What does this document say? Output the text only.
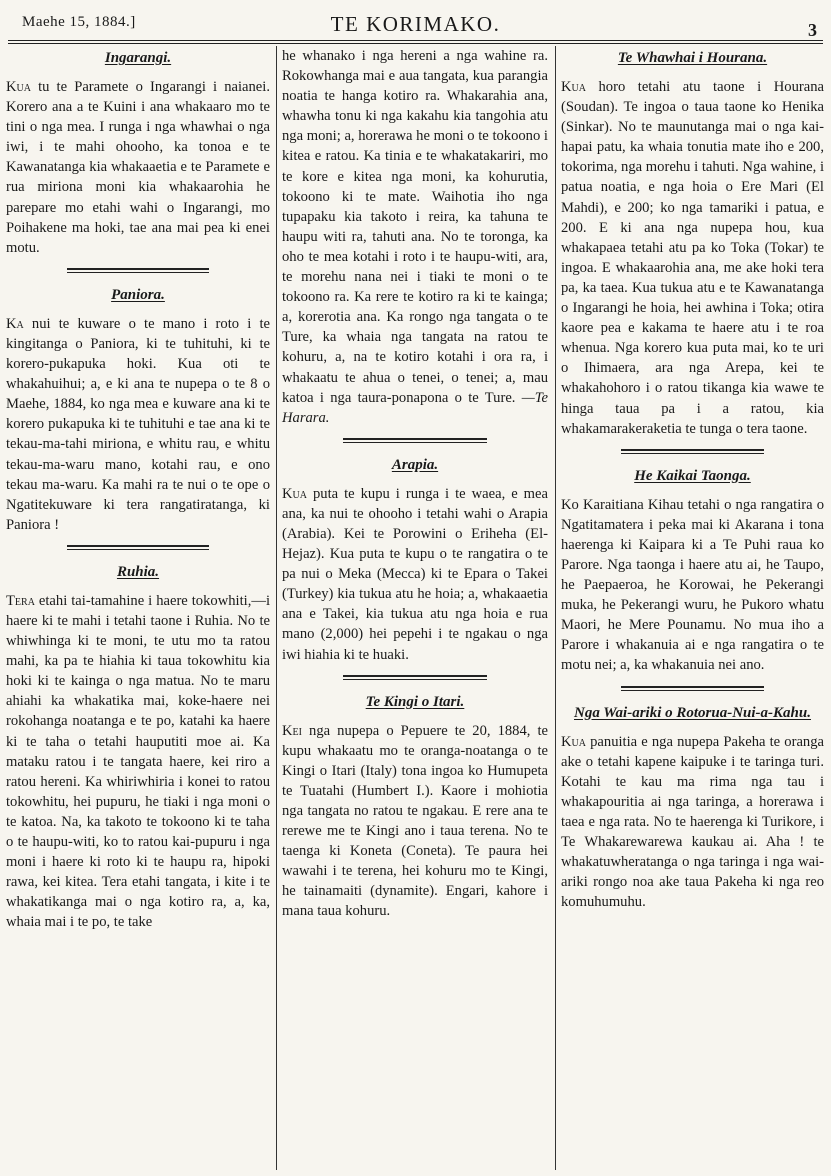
Maehe 15, 1884.]	TE KORIMAKO.	3
Ingarangi.

Kua tu te Paramete o Ingarangi i naianei. Korero ana a te Kuini i ana whakaaro mo te tini o nga mea. I runga i nga whawhai o nga iwi, i te mahi ohooho, ka tonoa e te Kawanatanga kia whakaaetia e te Paramete e rua miriona moni kia whakaarohia he parepare mo etahi wahi o Ingarangi, mo Poihakene ma hoki, tae ana mai pea ki enei motu.

Paniora.

Ka nui te kuware o te mano i roto i te kingitanga o Paniora, ki te tuhituhi, ki te korero-pukapuka hoki. Kua oti te whakahuihui; a, e ki ana te nupepa o te 8 o Maehe, 1884, ko nga mea e kuware ana ki te korero pukapuka ki te tuhituhi e tae ana ki te tekau-ma-tahi miriona, e whitu rau, e whitu tekau-ma-waru mano, kotahi rau, e ono tekau ma-waru. Ka mahi ra te nui o te ope o Ngatitekuware ki tera rangatiratanga, ki Paniora !

Ruhia.

Tera etahi tai-tamahine i haere tokowhiti,—i haere ki te mahi i tetahi taone i Ruhia. No te whiwhinga ki te moni, te utu mo ta ratou mahi, ka pa te hiahia ki taua tokowhitu kia hoki ki te kainga o nga matua. No te maru ahiahi ka whakatika mai, koke-haere nei rokohanga noatanga e te po, katahi ka haere ki te taha o tetahi hauputiti moe ai. Ka mataku ratou i te tangata haere, kei riro a ratou hereni. Ka whiriwhiria i konei to ratou tokowhitu, hei pupuru, he tiaki i nga moni o te katoa. Na, ka takoto te tokoono ki te taha o te haupu-witi, ko to ratou kai-pupuru i nga moni i haere ki roto ki te haupu ra, hipoki rawa, kei kitea. Tera etahi tangata, i kite i te whakatikanga mai o nga kotiro ra, a, ka, whaia mai i te po, te take

he whanako i nga hereni a nga wahine ra. Rokowhanga mai e aua tangata, kua parangia noatia te hanga kotiro ra. Whakarahia ana, whawha tonu ki nga kakahu kia tangohia atu nga moni; a, horerawa he moni o te tokoono i kitea e ratou. Ka tinia e te whakatakariri, mo te kore e kitea nga moni, ka kohurutia, tokoono ki te mate. Waihotia iho nga tupapaku kia takoto i reira, ka tahuna te haupu witi ra, tahuti ana. No te toronga, ka oho te mea kotahi i roto i te haupu-witi, ara, te morehu nana nei i tiaki te moni o te tokoono ra. Ka rere te kotiro ra ki te kainga; a, korerotia ana. Ka rongo nga tangata o te Ture, ka whaia nga tangata na ratou te kohuru, a, na te kotiro kotahi i ora ra, i whakaatu te ahua o tenei, o tenei; a, mau katoa i nga taura-ponapona o te Ture. —Te Harara.

Arapia.

Kua puta te kupu i runga i te waea, e mea ana, ka nui te ohooho i tetahi wahi o Arapia (Arabia). Kei te Porowini o Eriheha (El-Hejaz). Kua puta te kupu o te rangatira o te pa nui o Meka (Mecca) ki te Epara o Takei (Turkey) kia tukua atu he hoia; a, whakaaetia ana e Takei, kia tukua atu nga hoia e rua mano (2,000) hei pepehi i te ngakau o nga iwi hiahia ki te huaki.

Te Kingi o Itari.

Kei nga nupepa o Pepuere te 20, 1884, te kupu whakaatu mo te oranga-noatanga o te Kingi o Itari (Italy) tona ingoa ko Humupeta te Tuatahi (Humbert I.). Kaore i mohiotia nga tangata no ratou te ngakau. E rere ana te rerewe me te Kingi ano i taua terena. No te taenga ki Koneta (Coneta). Te paura hei wawahi i te terena, hei kohuru mo te Kingi, he tainamaiti (dynamite). Engari, kahore i mana taua kohuru.

Te Whawhai i Hourana.

Kua horo tetahi atu taone i Hourana (Soudan). Te ingoa o taua taone ko Henika (Sinkar). No te maunutanga mai o nga kai-hapai patu, ka whaia tonutia mate iho e 200, tokorima, nga morehu i tahuti. Nga wahine, i patua noatia, e nga hoia o Ere Mari (El Mahdi), e 200; ko nga tamariki i patua, e 200. E ki ana nga nupepa hou, kua whakapaea tetahi atu pa ko Toka (Tokar) te ingoa. E whakaarohia ana, me ake hoki tera pa, ka taea. Kua tukua atu e te Kawanatanga o Ingarangi he hoia, hei awhina i Toka; otira kaore pea e kakama te haere atu i te roa whenua. Nga korero kua puta mai, ko te uri o Ihimaera, ara nga Arepa, kei te whakahohoro i o ratou tikanga kia wawe te hinga taua pa i a ratou, kia whakamarakeraketia te tunga o tera taone.

He Kaikai Taonga.

Ko Karaitiana Kihau tetahi o nga rangatira o Ngatitamatera i peka mai ki Akarana i tona haerenga ki Kaipara ki a Te Puhi raua ko Parore. Nga taonga i haere atu ai, he Taupo, he Paepaeroa, he Korowai, he Pekerangi muka, he Pekerangi wuru, he Pukoro whatu Maori, he Mere Pounamu. No mua iho a Parore i whakanuia ai e nga rangatira o te motu nei; a, ka whakanuia nei ano.

Nga Wai-ariki o Rotorua-Nui-a-Kahu.

Kua panuitia e nga nupepa Pakeha te oranga ake o tetahi kapene kaipuke i te taringa turi. Kotahi te kau ma rima nga tau i whakapouritia ai nga taringa, a horerawa i taea e nga rata. No te haerenga ki Turikore, i Te Whakarewarewa kaukau ai. Aha ! te whakatuwheratanga o nga taringa i nga wai-ariki rongo noa ake taua Pakeha ki nga reo komuhumuhu.
